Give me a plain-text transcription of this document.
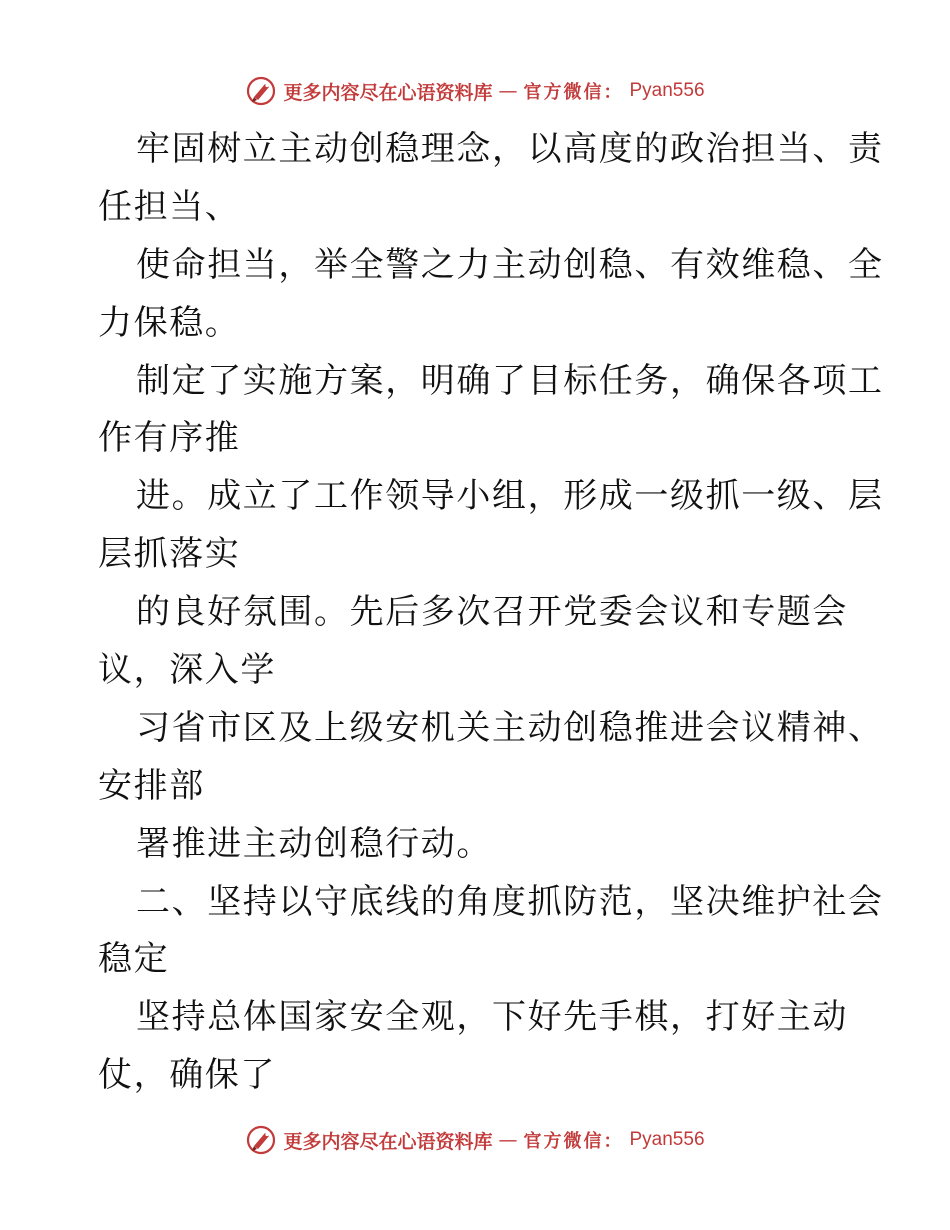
更多内容尽在心语资料库 — 官方微信： Pyan556
牢固树立主动创稳理念，以高度的政治担当、责
任担当、
使命担当，举全警之力主动创稳、有效维稳、全
力保稳。
制定了实施方案，明确了目标任务，确保各项工
作有序推
进。成立了工作领导小组，形成一级抓一级、层
层抓落实
的良好氛围。先后多次召开党委会议和专题会
议，深入学
习省市区及上级安机关主动创稳推进会议精神、
安排部
署推进主动创稳行动。
二、坚持以守底线的角度抓防范，坚决维护社会
稳定
坚持总体国家安全观，下好先手棋，打好主动
仗，确保了
更多内容尽在心语资料库 — 官方微信： Pyan556
